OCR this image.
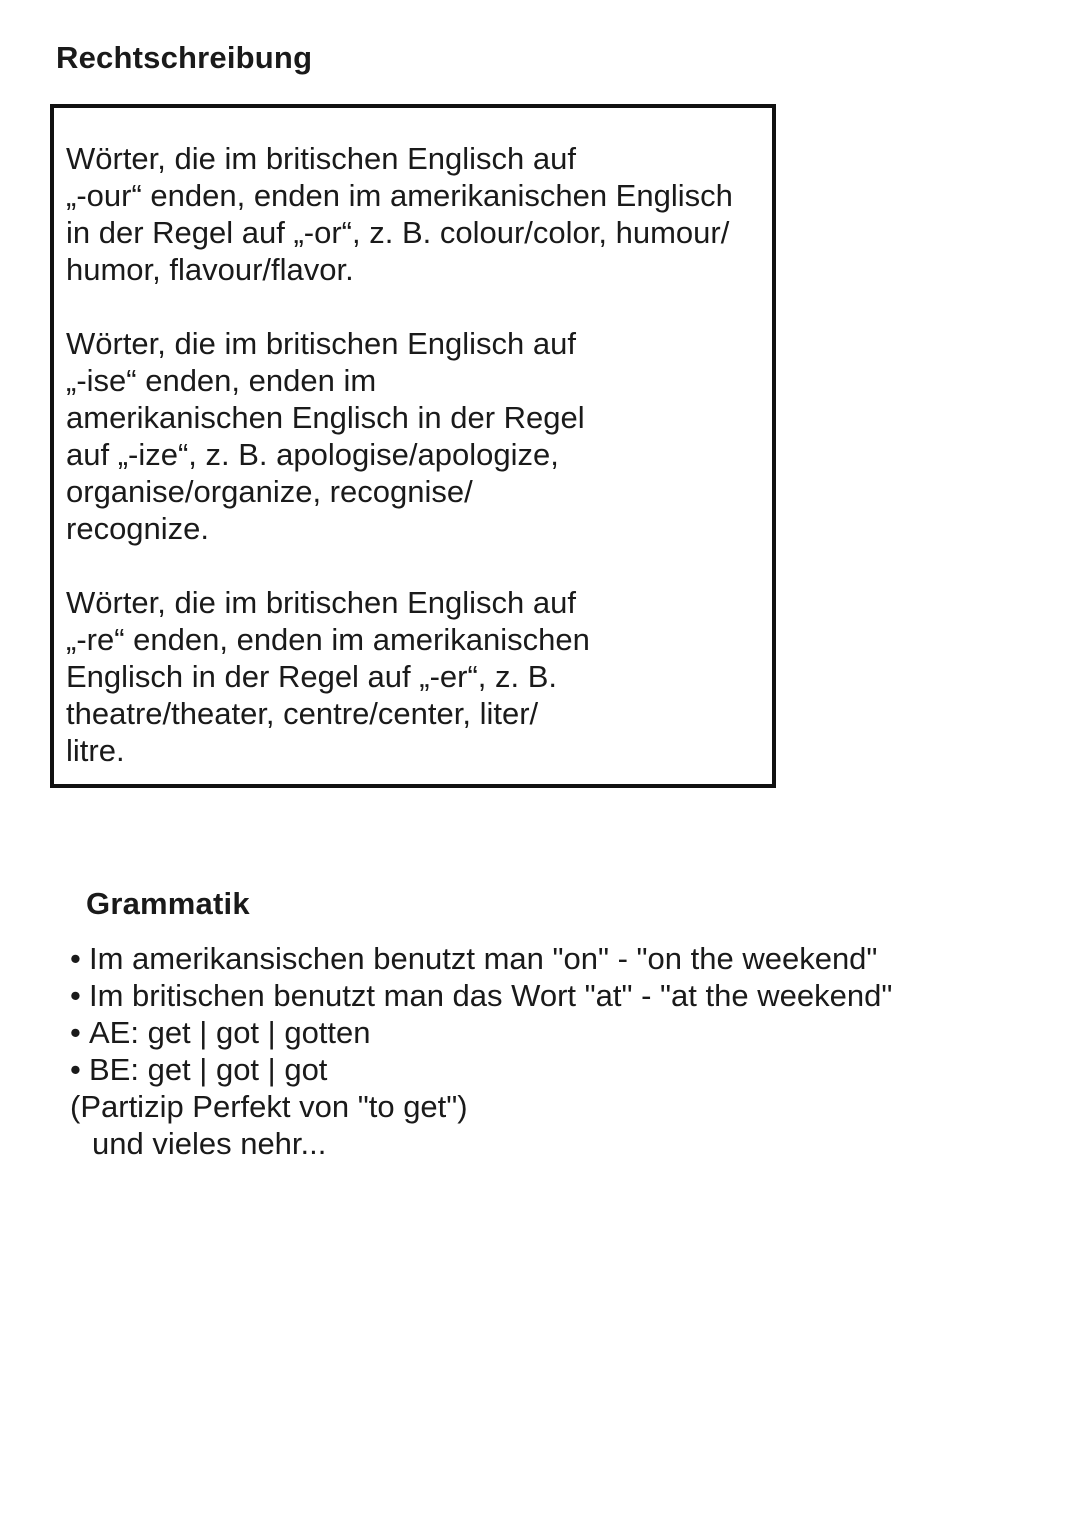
Rechtschreibung

Wörter, die im britischen Englisch auf
„-our“ enden, enden im amerikanischen Englisch
in der Regel auf „-or“, z. B. colour/color, humour/
humor, flavour/flavor.

Wörter, die im britischen Englisch auf
„-ise“ enden, enden im
amerikanischen Englisch in der Regel
auf „-ize“, z. B. apologise/apologize,
organise/organize, recognise/
recognize.

Wörter, die im britischen Englisch auf
„-re“ enden, enden im amerikanischen
Englisch in der Regel auf „-er“, z. B.
theatre/theater, centre/center, liter/
litre.

Grammatik
• Im amerikansischen benutzt man "on" - "on the weekend"
• Im britischen benutzt man das Wort "at" - "at the weekend"
• AE: get | got | gotten
• BE: get | got | got

(Partizip Perfekt von "to get")

und vieles nehr...
